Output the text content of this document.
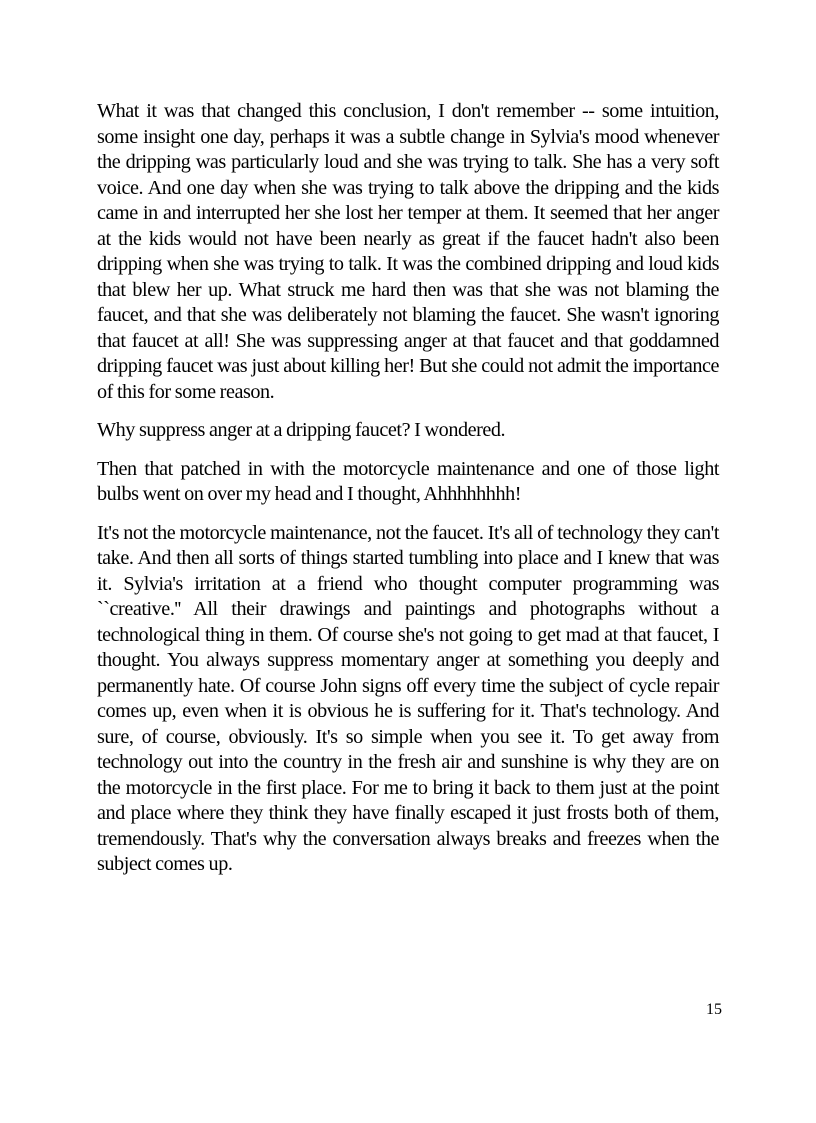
What it was that changed this conclusion, I don't remember -- some intuition, some insight one day, perhaps it was a subtle change in Sylvia's mood whenever the dripping was particularly loud and she was trying to talk. She has a very soft voice. And one day when she was trying to talk above the dripping and the kids came in and interrupted her she lost her temper at them. It seemed that her anger at the kids would not have been nearly as great if the faucet hadn't also been dripping when she was trying to talk. It was the combined dripping and loud kids that blew her up. What struck me hard then was that she was not blaming the faucet, and that she was deliberately not blaming the faucet. She wasn't ignoring that faucet at all! She was suppressing anger at that faucet and that goddamned dripping faucet was just about killing her! But she could not admit the importance of this for some reason.

Why suppress anger at a dripping faucet? I wondered.

Then that patched in with the motorcycle maintenance and one of those light bulbs went on over my head and I thought, Ahhhhhhhh!

It's not the motorcycle maintenance, not the faucet. It's all of technology they can't take. And then all sorts of things started tumbling into place and I knew that was it. Sylvia's irritation at a friend who thought computer programming was ``creative.'' All their drawings and paintings and photographs without a technological thing in them. Of course she's not going to get mad at that faucet, I thought. You always suppress momentary anger at something you deeply and permanently hate. Of course John signs off every time the subject of cycle repair comes up, even when it is obvious he is suffering for it. That's technology. And sure, of course, obviously. It's so simple when you see it. To get away from technology out into the country in the fresh air and sunshine is why they are on the motorcycle in the first place. For me to bring it back to them just at the point and place where they think they have finally escaped it just frosts both of them, tremendously. That's why the conversation always breaks and freezes when the subject comes up.

15
